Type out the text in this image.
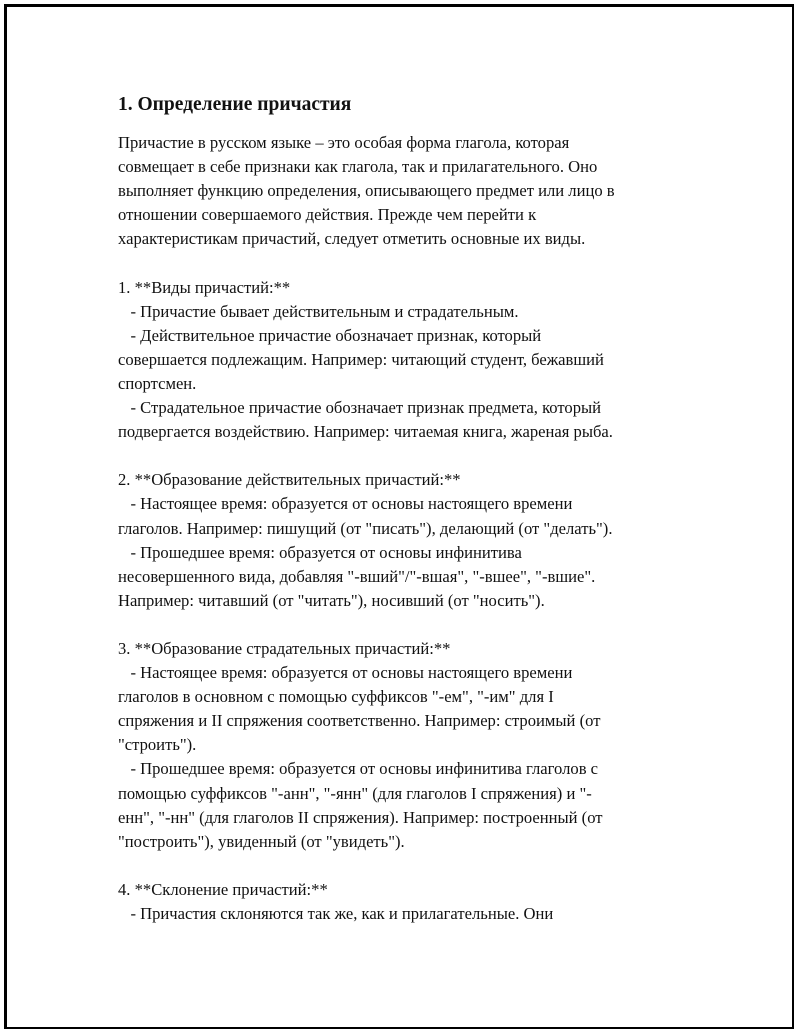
1. Определение причастия
Причастие в русском языке – это особая форма глагола, которая
совмещает в себе признаки как глагола, так и прилагательного. Оно
выполняет функцию определения, описывающего предмет или лицо в
отношении совершаемого действия. Прежде чем перейти к
характеристикам причастий, следует отметить основные их виды.
1. **Виды причастий:**
- Причастие бывает действительным и страдательным.
- Действительное причастие обозначает признак, который
совершается подлежащим. Например: читающий студент, бежавший
спортсмен.
- Страдательное причастие обозначает признак предмета, который
подвергается воздействию. Например: читаемая книга, жареная рыба.
2. **Образование действительных причастий:**
- Настоящее время: образуется от основы настоящего времени
глаголов. Например: пишущий (от "писать"), делающий (от "делать").
- Прошедшее время: образуется от основы инфинитива
несовершенного вида, добавляя "-вший"/"-вшая", "-вшее", "-вшие".
Например: читавший (от "читать"), носивший (от "носить").
3. **Образование страдательных причастий:**
- Настоящее время: образуется от основы настоящего времени
глаголов в основном с помощью суффиксов "-ем", "-им" для I
спряжения и II спряжения соответственно. Например: строимый (от
"строить").
- Прошедшее время: образуется от основы инфинитива глаголов с
помощью суффиксов "-анн", "-янн" (для глаголов I спряжения) и "-
енн", "-нн" (для глаголов II спряжения). Например: построенный (от
"построить"), увиденный (от "увидеть").
4. **Склонение причастий:**
- Причастия склоняются так же, как и прилагательные. Они
